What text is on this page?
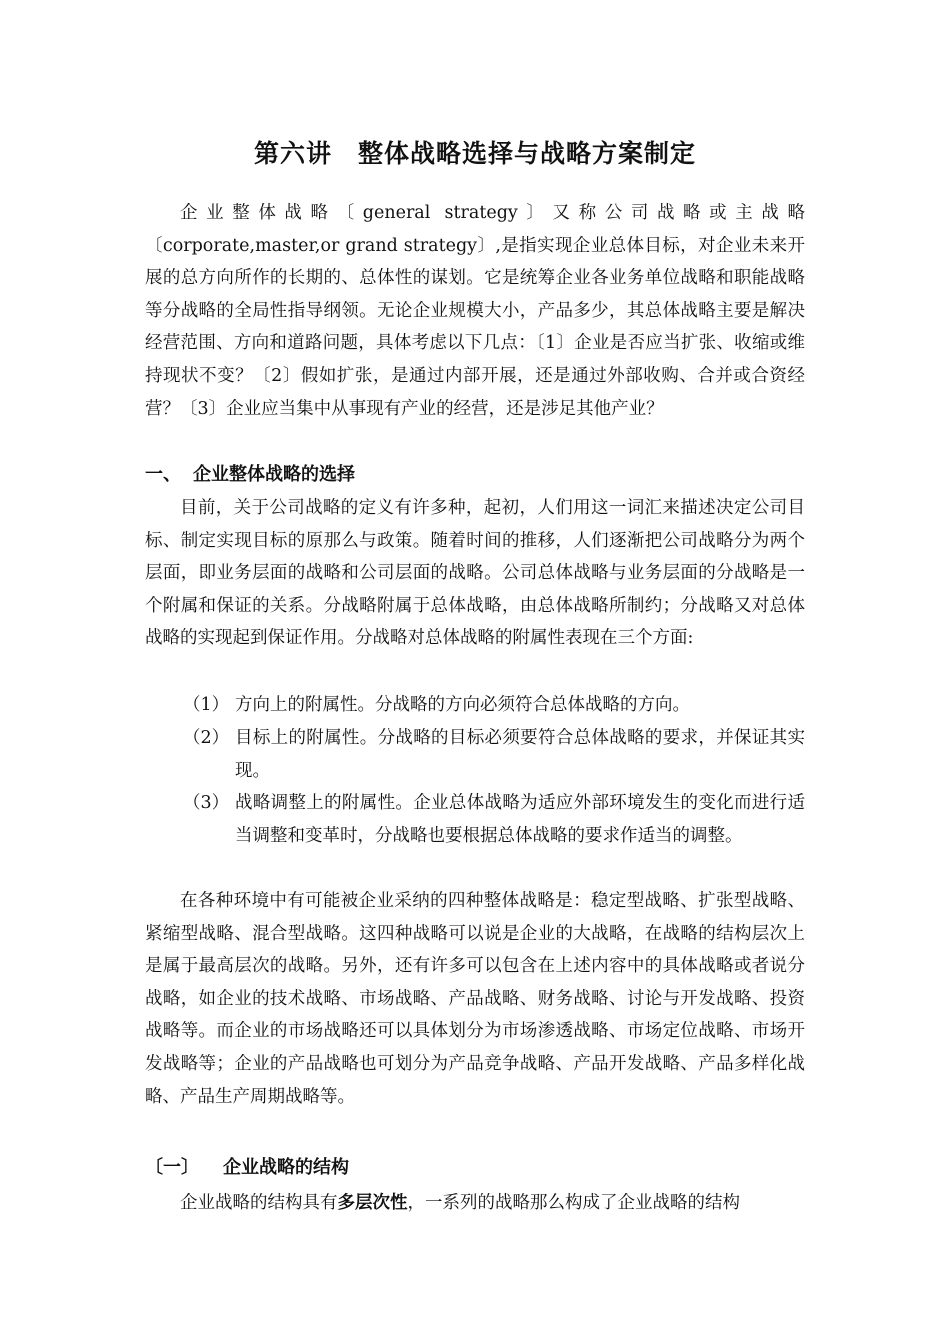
第六讲　整体战略选择与战略方案制定

企业整体战略〔general strategy〕又称公司战略或主战略〔corporate,master,or grand strategy〕,是指实现企业总体目标，对企业未来开展的总方向所作的长期的、总体性的谋划。它是统筹企业各业务单位战略和职能战略等分战略的全局性指导纲领。无论企业规模大小，产品多少，其总体战略主要是解决经营范围、方向和道路问题，具体考虑以下几点：〔1〕企业是否应当扩张、收缩或维持现状不变？〔2〕假如扩张，是通过内部开展，还是通过外部收购、合并或合资经营？〔3〕企业应当集中从事现有产业的经营，还是涉足其他产业？

一、 企业整体战略的选择

目前，关于公司战略的定义有许多种，起初，人们用这一词汇来描述决定公司目标、制定实现目标的原那么与政策。随着时间的推移，人们逐渐把公司战略分为两个层面，即业务层面的战略和公司层面的战略。公司总体战略与业务层面的分战略是一个附属和保证的关系。分战略附属于总体战略，由总体战略所制约；分战略又对总体战略的实现起到保证作用。分战略对总体战略的附属性表现在三个方面:

（1） 方向上的附属性。分战略的方向必须符合总体战略的方向。
（2） 目标上的附属性。分战略的目标必须要符合总体战略的要求，并保证其实现。
（3） 战略调整上的附属性。企业总体战略为适应外部环境发生的变化而进行适当调整和变革时，分战略也要根据总体战略的要求作适当的调整。

在各种环境中有可能被企业采纳的四种整体战略是：稳定型战略、扩张型战略、紧缩型战略、混合型战略。这四种战略可以说是企业的大战略，在战略的结构层次上是属于最高层次的战略。另外，还有许多可以包含在上述内容中的具体战略或者说分战略，如企业的技术战略、市场战略、产品战略、财务战略、讨论与开发战略、投资战略等。而企业的市场战略还可以具体划分为市场渗透战略、市场定位战略、市场开发战略等；企业的产品战略也可划分为产品竞争战略、产品开发战略、产品多样化战略、产品生产周期战略等。

〔一〕 企业战略的结构

企业战略的结构具有多层次性，一系列的战略那么构成了企业战略的结构
